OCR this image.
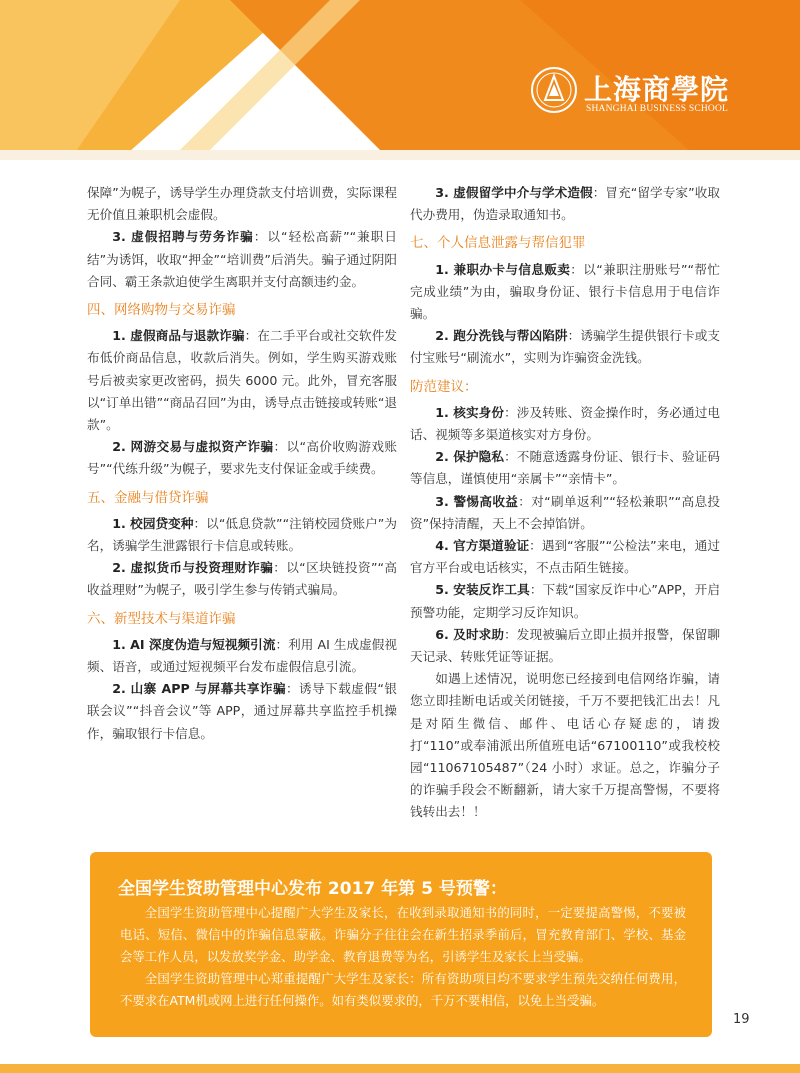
上海商學院
SHANGHAI BUSINESS SCHOOL

保障”为幌子，诱导学生办理贷款支付培训费，实际课程无价值且兼职机会虚假。

3. 虚假招聘与劳务诈骗：以“轻松高薪”“兼职日结”为诱饵，收取“押金”“培训费”后消失。骗子通过阴阳合同、霸王条款迫使学生离职并支付高额违约金。

四、网络购物与交易诈骗

1. 虚假商品与退款诈骗：在二手平台或社交软件发布低价商品信息，收款后消失。例如，学生购买游戏账号后被卖家更改密码，损失 6000 元。此外，冒充客服以“订单出错”“商品召回”为由，诱导点击链接或转账“退款”。

2. 网游交易与虚拟资产诈骗：以“高价收购游戏账号”“代练升级”为幌子，要求先支付保证金或手续费。

五、金融与借贷诈骗

1. 校园贷变种：以“低息贷款”“注销校园贷账户”为名，诱骗学生泄露银行卡信息或转账。

2. 虚拟货币与投资理财诈骗：以“区块链投资”“高收益理财”为幌子，吸引学生参与传销式骗局。

六、新型技术与渠道诈骗

1. AI 深度伪造与短视频引流：利用 AI 生成虚假视频、语音，或通过短视频平台发布虚假信息引流。

2. 山寨 APP 与屏幕共享诈骗：诱导下载虚假“银联会议”“抖音会议”等 APP，通过屏幕共享监控手机操作，骗取银行卡信息。

3. 虚假留学中介与学术造假：冒充“留学专家”收取代办费用，伪造录取通知书。

七、个人信息泄露与帮信犯罪

1. 兼职办卡与信息贩卖：以“兼职注册账号”“帮忙完成业绩”为由，骗取身份证、银行卡信息用于电信诈骗。

2. 跑分洗钱与帮凶陷阱：诱骗学生提供银行卡或支付宝账号“刷流水”，实则为诈骗资金洗钱。

防范建议：

1. 核实身份：涉及转账、资金操作时，务必通过电话、视频等多渠道核实对方身份。

2. 保护隐私：不随意透露身份证、银行卡、验证码等信息，谨慎使用“亲属卡”“亲情卡”。

3. 警惕高收益：对“刷单返利”“轻松兼职”“高息投资”保持清醒，天上不会掉馅饼。

4. 官方渠道验证：遇到“客服”“公检法”来电，通过官方平台或电话核实，不点击陌生链接。

5. 安装反诈工具：下载“国家反诈中心”APP，开启预警功能，定期学习反诈知识。

6. 及时求助：发现被骗后立即止损并报警，保留聊天记录、转账凭证等证据。

如遇上述情况，说明您已经接到电信网络诈骗，请您立即挂断电话或关闭链接，千万不要把钱汇出去！凡是对陌生微信、邮件、电话心存疑虑的，请拨打“110”或奉浦派出所值班电话“67100110”或我校校园“11067105487”（24 小时）求证。总之，诈骗分子的诈骗手段会不断翻新，请大家千万提高警惕，不要将钱转出去！！

全国学生资助管理中心发布 2017 年第 5 号预警：

全国学生资助管理中心提醒广大学生及家长，在收到录取通知书的同时，一定要提高警惕，不要被电话、短信、微信中的诈骗信息蒙蔽。诈骗分子往往会在新生招录季前后，冒充教育部门、学校、基金会等工作人员，以发放奖学金、助学金、教育退费等为名，引诱学生及家长上当受骗。

全国学生资助管理中心郑重提醒广大学生及家长：所有资助项目均不要求学生预先交纳任何费用，不要求在ATM机或网上进行任何操作。如有类似要求的，千万不要相信，以免上当受骗。

19
